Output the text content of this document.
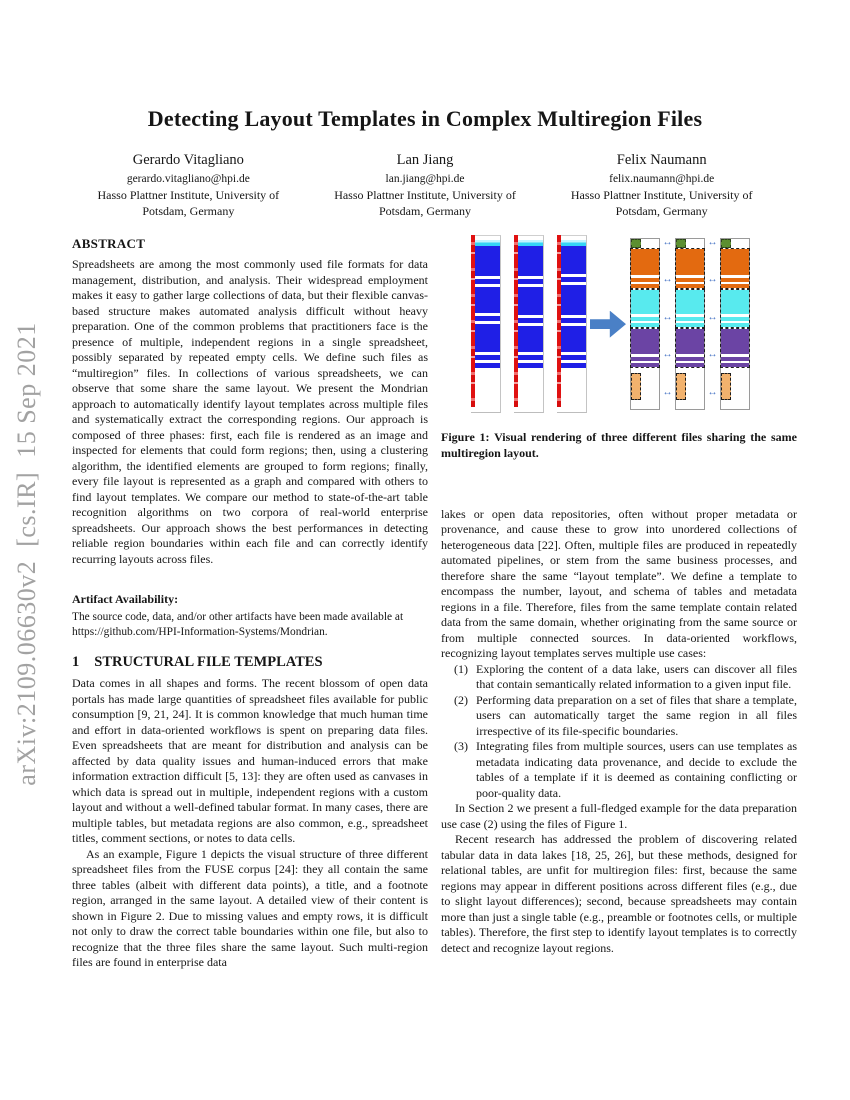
arXiv:2109.06630v2  [cs.IR]  15 Sep 2021
Detecting Layout Templates in Complex Multiregion Files
Gerardo Vitagliano
gerardo.vitagliano@hpi.de
Hasso Plattner Institute, University of Potsdam, Germany
Lan Jiang
lan.jiang@hpi.de
Hasso Plattner Institute, University of Potsdam, Germany
Felix Naumann
felix.naumann@hpi.de
Hasso Plattner Institute, University of Potsdam, Germany
ABSTRACT

Spreadsheets are among the most commonly used file formats for data management, distribution, and analysis. Their widespread employment makes it easy to gather large collections of data, but their flexible canvas-based structure makes automated analysis difficult without heavy preparation. One of the common problems that practitioners face is the presence of multiple, independent regions in a single spreadsheet, possibly separated by repeated empty cells. We define such files as “multiregion” files. In collections of various spreadsheets, we can observe that some share the same layout. We present the Mondrian approach to automatically identify layout templates across multiple files and systematically extract the corresponding regions. Our approach is composed of three phases: first, each file is rendered as an image and inspected for elements that could form regions; then, using a clustering algorithm, the identified elements are grouped to form regions; finally, every file layout is represented as a graph and compared with others to find layout templates. We compare our method to state-of-the-art table recognition algorithms on two corpora of real-world enterprise spreadsheets. Our approach shows the best performances in detecting reliable region boundaries within each file and can correctly identify recurring layouts across files.

Artifact Availability:
The source code, data, and/or other artifacts have been made available at
https://github.com/HPI-Information-Systems/Mondrian.
1 STRUCTURAL FILE TEMPLATES

Data comes in all shapes and forms. The recent blossom of open data portals has made large quantities of spreadsheet files available for public consumption [9, 21, 24]. It is common knowledge that much human time and effort in data-oriented workflows is spent on preparing data files. Even spreadsheets that are meant for distribution and analysis can be affected by data quality issues and human-induced errors that make information extraction difficult [5, 13]: they are often used as canvases in which data is spread out in multiple, independent regions with a custom layout and without a well-defined tabular format. In many cases, there are multiple tables, but metadata regions are also common, e.g., spreadsheet titles, comment sections, or notes to data cells.

As an example, Figure 1 depicts the visual structure of three different spreadsheet files from the FUSE corpus [24]: they all contain the same three tables (albeit with different data points), a title, and a footnote region, arranged in the same layout. A detailed view of their content is shown in Figure 2. Due to missing values and empty rows, it is difficult not only to draw the correct table boundaries within one file, but also to recognize that the three files share the same layout. Such multi-region files are found in enterprise data

↔
↔
↔
↔
↔
↔
↔
↔
↔
↔
Figure 1: Visual rendering of three different files sharing the same multiregion layout.

lakes or open data repositories, often without proper metadata or provenance, and cause these to grow into unordered collections of heterogeneous data [22]. Often, multiple files are produced in repeatedly automated pipelines, or stem from the same business processes, and therefore share the same “layout template”. We define a template to encompass the number, layout, and schema of tables and metadata regions in a file. Therefore, files from the same template contain related data from the same domain, whether originating from the same source or from multiple connected sources. In data-oriented workflows, recognizing layout templates serves multiple use cases:

(1) Exploring the content of a data lake, users can discover all files that contain semantically related information to a given input file.
(2) Performing data preparation on a set of files that share a template, users can automatically target the same region in all files irrespective of its file-specific boundaries.
(3) Integrating files from multiple sources, users can use templates as metadata indicating data provenance, and decide to exclude the tables of a template if it is deemed as containing conflicting or poor-quality data.

In Section 2 we present a full-fledged example for the data preparation use case (2) using the files of Figure 1.

Recent research has addressed the problem of discovering related tabular data in data lakes [18, 25, 26], but these methods, designed for relational tables, are unfit for multiregion files: first, because the same regions may appear in different positions across different files (e.g., due to slight layout differences); second, because spreadsheets may contain more than just a single table (e.g., preamble or footnotes cells, or multiple tables). Therefore, the first step to identify layout templates is to correctly detect and recognize layout regions.
